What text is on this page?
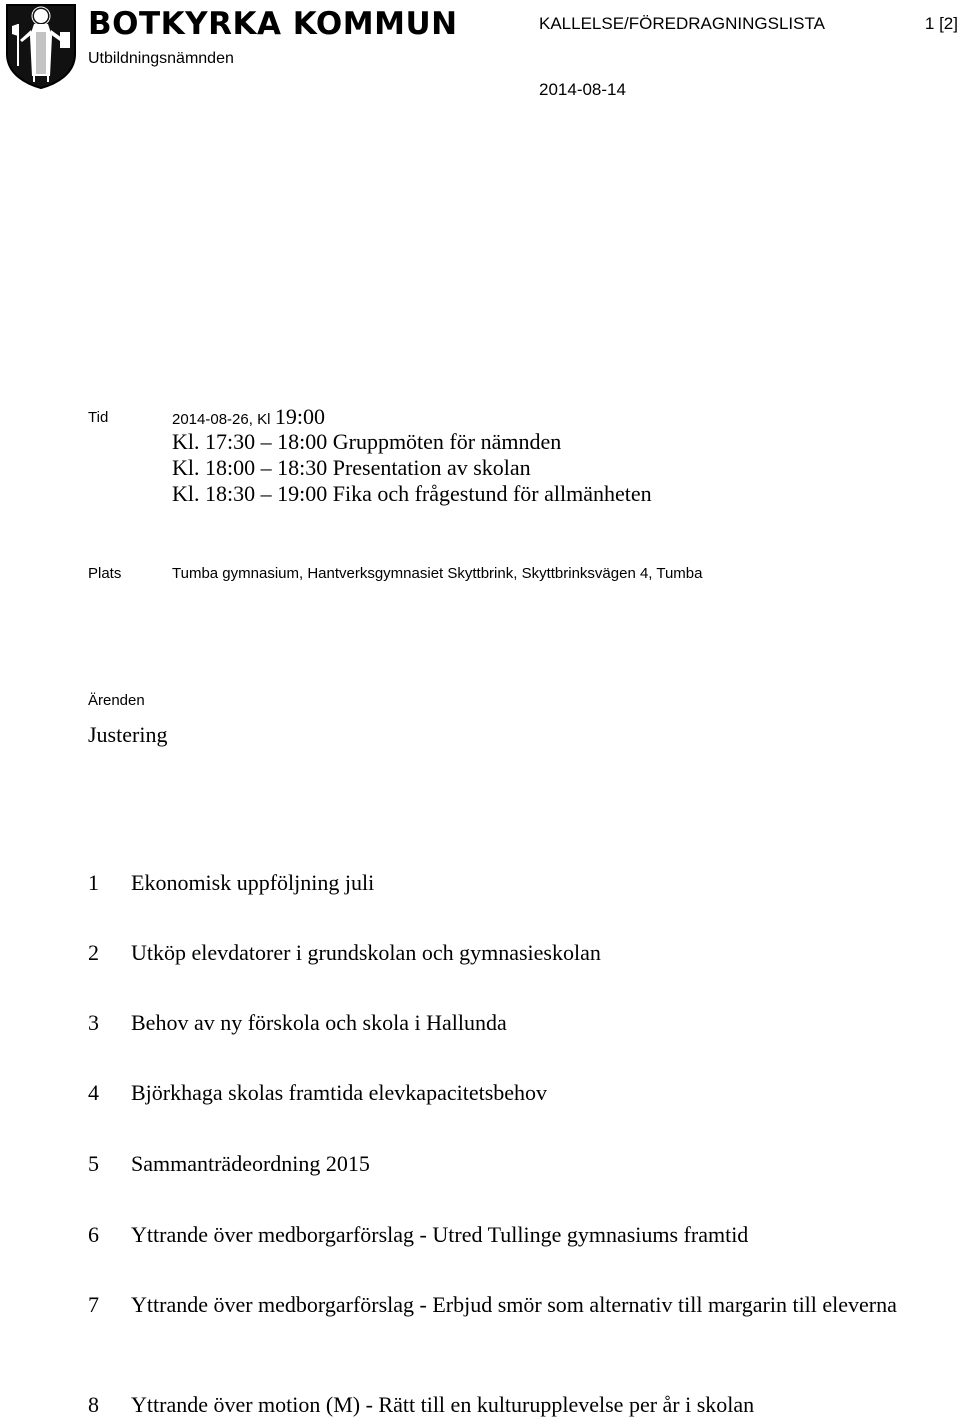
BOTKYRKA KOMMUN
Utbildningsnämnden
KALLELSE/FÖREDRAGNINGSLISTA	1 [2]
2014-08-14
Tid	2014-08-26, Kl 19:00
Kl. 17:30 – 18:00 Gruppmöten för nämnden
Kl. 18:00 – 18:30 Presentation av skolan
Kl. 18:30 – 19:00 Fika och frågestund för allmänheten
Plats	Tumba gymnasium, Hantverksgymnasiet Skyttbrink, Skyttbrinksvägen 4, Tumba
Ärenden
Justering
1	Ekonomisk uppföljning juli
2	Utköp elevdatorer i grundskolan och gymnasieskolan
3	Behov av ny förskola och skola i Hallunda
4	Björkhaga skolas framtida elevkapacitetsbehov
5	Sammanträdeordning 2015
6	Yttrande över medborgarförslag - Utred Tullinge gymnasiums framtid
7	Yttrande över medborgarförslag - Erbjud smör som alternativ till margarin till eleverna
8	Yttrande över motion (M) - Rätt till en kulturupplevelse per år i skolan
